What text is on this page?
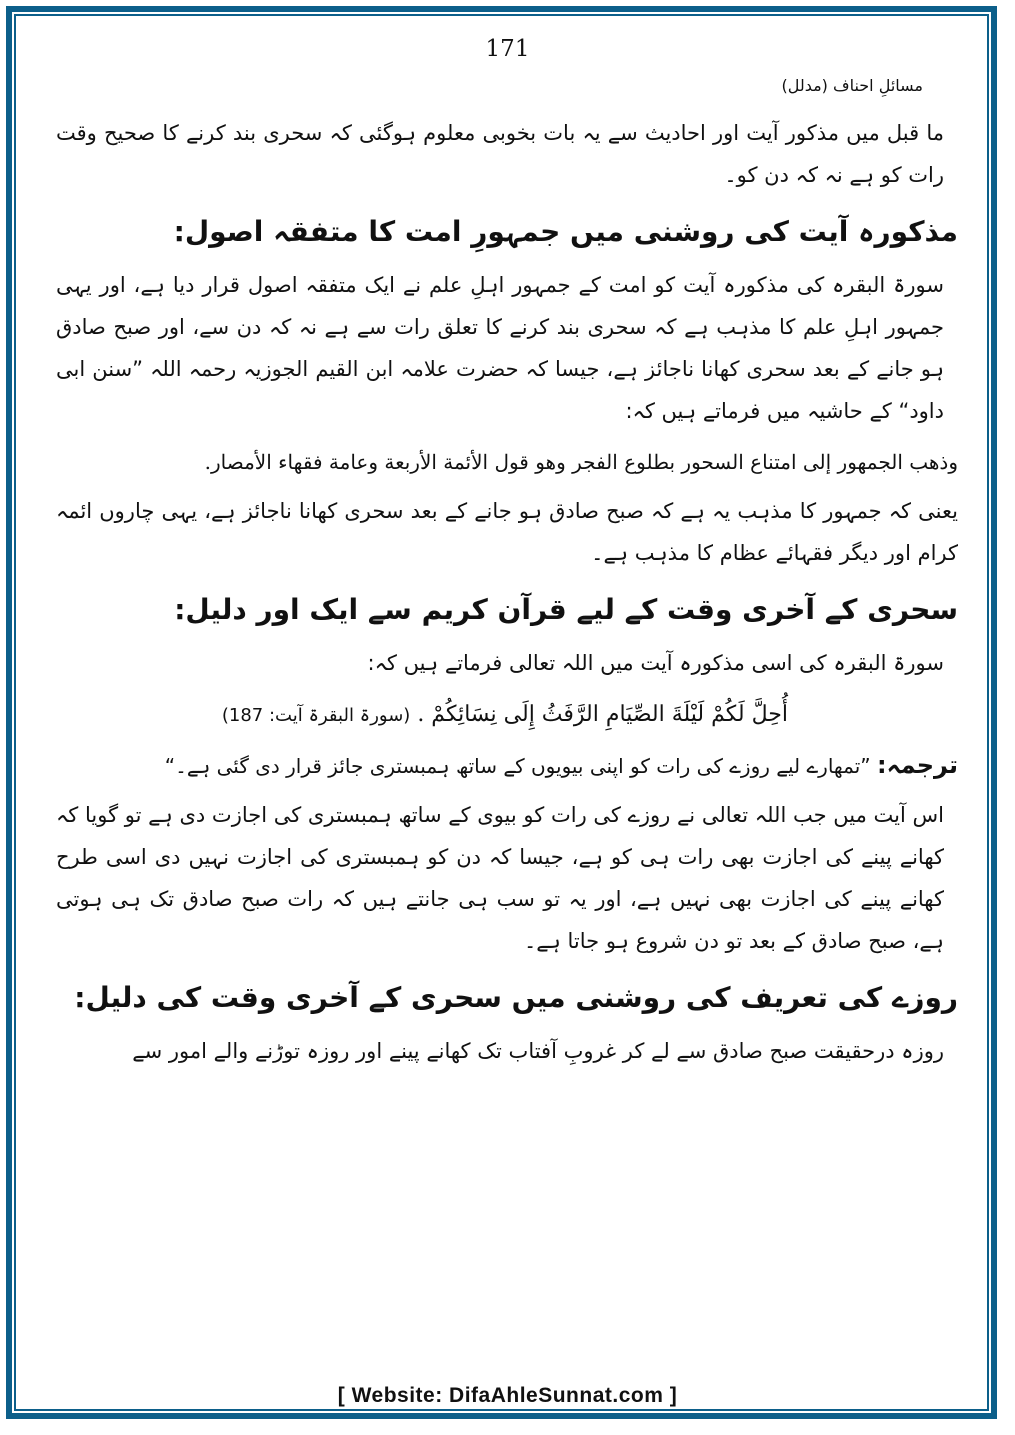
171
مسائلِ احناف (مدلل)

ما قبل میں مذکور آیت اور احادیث سے یہ بات بخوبی معلوم ہوگئی کہ سحری بند کرنے کا صحیح وقت رات کو ہے نہ کہ دن کو۔

مذکورہ آیت کی روشنی میں جمہورِ امت کا متفقہ اصول:

سورۃ البقرہ کی مذکورہ آیت کو امت کے جمہور اہلِ علم نے ایک متفقہ اصول قرار دیا ہے، اور یہی جمہور اہلِ علم کا مذہب ہے کہ سحری بند کرنے کا تعلق رات سے ہے نہ کہ دن سے، اور صبح صادق ہو جانے کے بعد سحری کھانا ناجائز ہے، جیسا کہ حضرت علامہ ابن القیم الجوزیہ رحمہ اللہ ”سنن ابی داود“ کے حاشیہ میں فرماتے ہیں کہ:

وذهب الجمهور إلى امتناع السحور بطلوع الفجر وهو قول الأئمة الأربعة وعامة فقهاء الأمصار.

یعنی کہ جمہور کا مذہب یہ ہے کہ صبح صادق ہو جانے کے بعد سحری کھانا ناجائز ہے، یہی چاروں ائمہ کرام اور دیگر فقہائے عظام کا مذہب ہے۔

سحری کے آخری وقت کے لیے قرآن کریم سے ایک اور دلیل:

سورۃ البقرہ کی اسی مذکورہ آیت میں اللہ تعالی فرماتے ہیں کہ:

أُحِلَّ لَكُمْ لَيْلَةَ الصِّيَامِ الرَّفَثُ إِلَى نِسَائِكُمْ . (سورۃ البقرۃ آیت: 187)

ترجمہ: ”تمھارے لیے روزے کی رات کو اپنی بیویوں کے ساتھ ہمبستری جائز قرار دی گئی ہے۔“

اس آیت میں جب اللہ تعالی نے روزے کی رات کو بیوی کے ساتھ ہمبستری کی اجازت دی ہے تو گویا کہ کھانے پینے کی اجازت بھی رات ہی کو ہے، جیسا کہ دن کو ہمبستری کی اجازت نہیں دی اسی طرح کھانے پینے کی اجازت بھی نہیں ہے، اور یہ تو سب ہی جانتے ہیں کہ رات صبح صادق تک ہی ہوتی ہے، صبح صادق کے بعد تو دن شروع ہو جاتا ہے۔

روزے کی تعریف کی روشنی میں سحری کے آخری وقت کی دلیل:

روزہ درحقیقت صبح صادق سے لے کر غروبِ آفتاب تک کھانے پینے اور روزہ توڑنے والے امور سے

[ Website: DifaAhleSunnat.com ]
